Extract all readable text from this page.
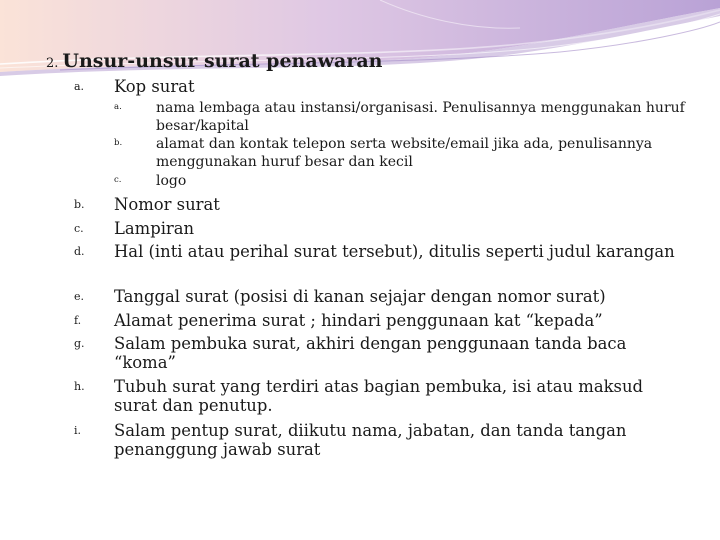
2. Unsur-unsur surat penawaran
a. Kop surat
a. nama lembaga atau instansi/organisasi. Penulisannya menggunakan huruf besar/kapital
b. alamat dan kontak telepon serta website/email jika ada, penulisannya menggunakan huruf besar dan kecil
c. logo
b. Nomor surat
c. Lampiran
d. Hal (inti atau perihal surat tersebut), ditulis seperti judul karangan
e. Tanggal surat (posisi di kanan sejajar dengan nomor surat)
f. Alamat penerima surat ; hindari penggunaan kat “kepada”
g. Salam pembuka surat, akhiri dengan penggunaan tanda baca “koma”
h. Tubuh surat yang terdiri atas bagian pembuka, isi atau maksud surat dan penutup.
i. Salam pentup surat, diikutu nama, jabatan, dan tanda tangan penanggung jawab surat
